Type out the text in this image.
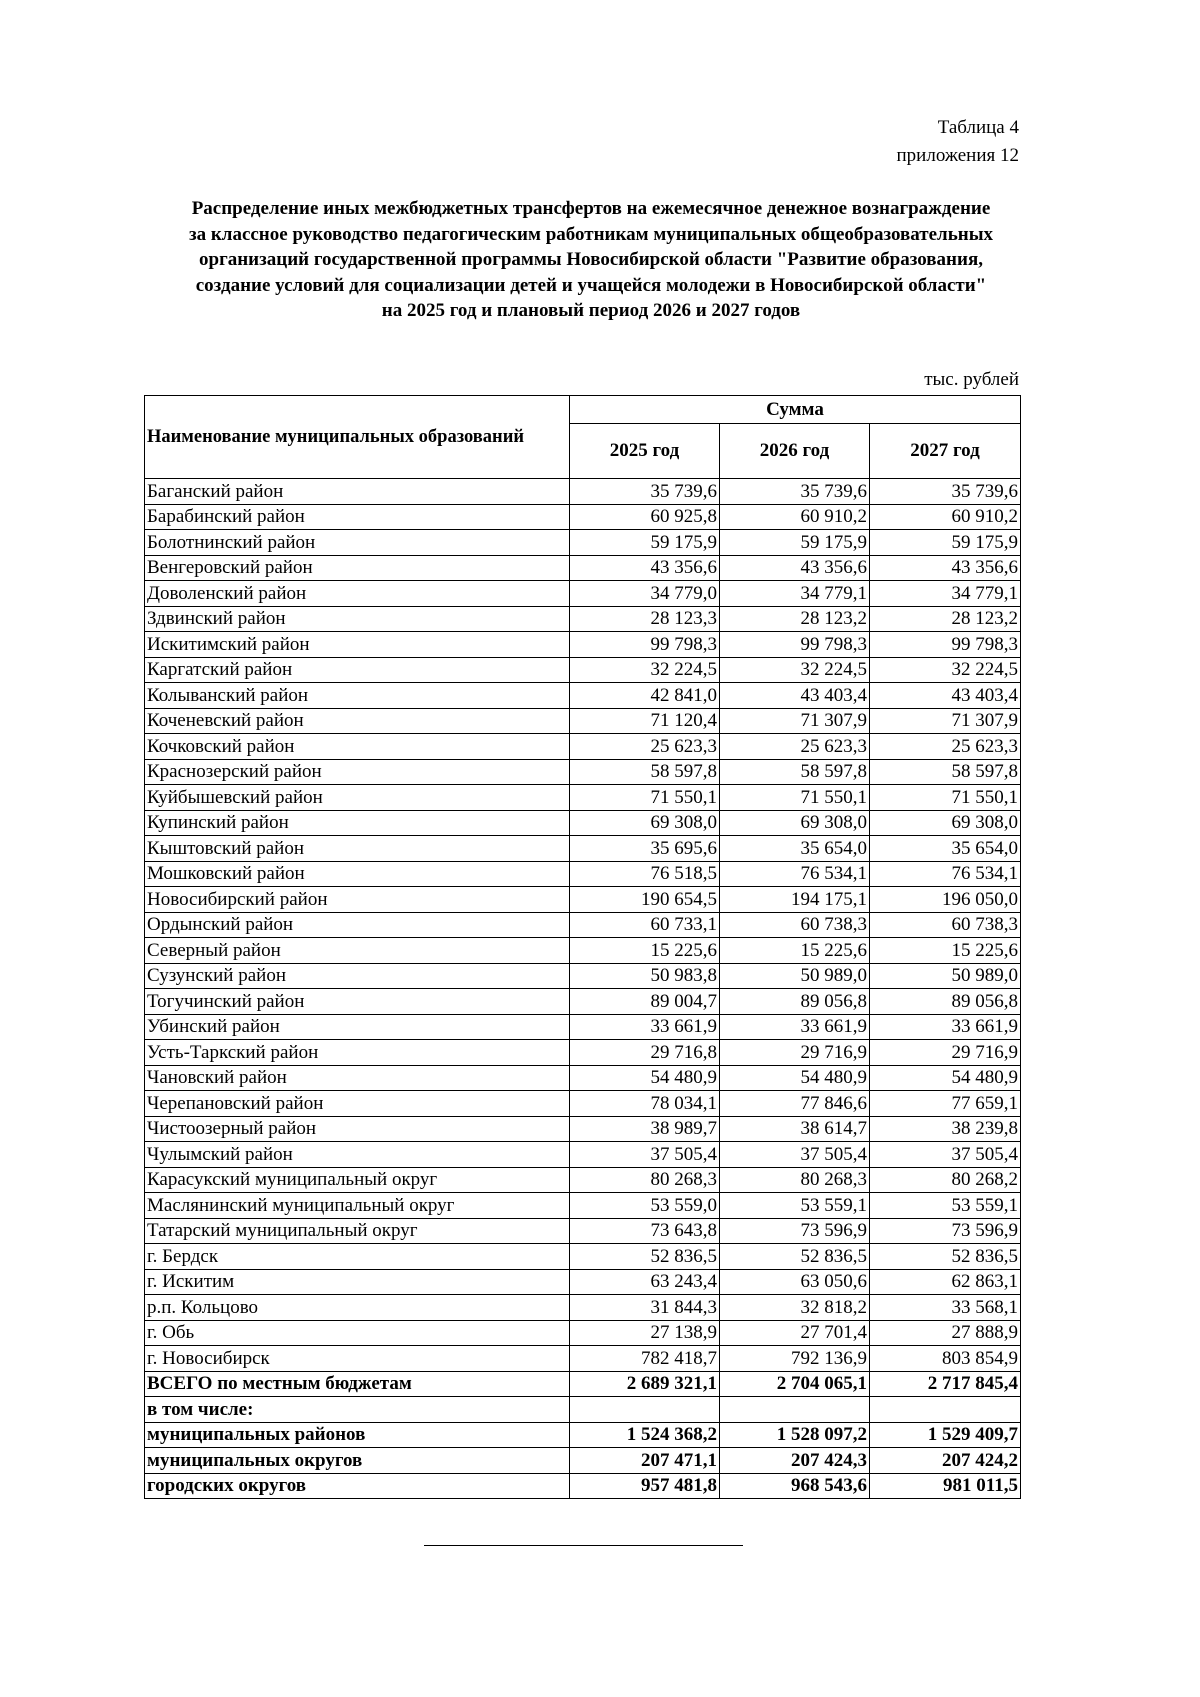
Таблица 4
приложения 12
Распределение иных межбюджетных трансфертов на ежемесячное денежное вознаграждение
за классное руководство педагогическим работникам муниципальных общеобразовательных
организаций государственной программы Новосибирской области "Развитие образования,
создание условий для социализации детей и учащейся молодежи в Новосибирской области"
на 2025 год и плановый период 2026 и 2027 годов
тыс. рублей
Наименование муниципальных образований	Сумма		
	2025 год	2026 год	2027 год
Баганский район	35 739,6	35 739,6	35 739,6
Барабинский район	60 925,8	60 910,2	60 910,2
Болотнинский район	59 175,9	59 175,9	59 175,9
Венгеровский район	43 356,6	43 356,6	43 356,6
Доволенский район	34 779,0	34 779,1	34 779,1
Здвинский район	28 123,3	28 123,2	28 123,2
Искитимский район	99 798,3	99 798,3	99 798,3
Каргатский район	32 224,5	32 224,5	32 224,5
Колыванский район	42 841,0	43 403,4	43 403,4
Коченевский район	71 120,4	71 307,9	71 307,9
Кочковский район	25 623,3	25 623,3	25 623,3
Краснозерский район	58 597,8	58 597,8	58 597,8
Куйбышевский район	71 550,1	71 550,1	71 550,1
Купинский район	69 308,0	69 308,0	69 308,0
Кыштовский район	35 695,6	35 654,0	35 654,0
Мошковский район	76 518,5	76 534,1	76 534,1
Новосибирский район	190 654,5	194 175,1	196 050,0
Ордынский район	60 733,1	60 738,3	60 738,3
Северный район	15 225,6	15 225,6	15 225,6
Сузунский район	50 983,8	50 989,0	50 989,0
Тогучинский район	89 004,7	89 056,8	89 056,8
Убинский район	33 661,9	33 661,9	33 661,9
Усть-Таркский район	29 716,8	29 716,9	29 716,9
Чановский район	54 480,9	54 480,9	54 480,9
Черепановский район	78 034,1	77 846,6	77 659,1
Чистоозерный район	38 989,7	38 614,7	38 239,8
Чулымский район	37 505,4	37 505,4	37 505,4
Карасукский муниципальный округ	80 268,3	80 268,3	80 268,2
Маслянинский муниципальный округ	53 559,0	53 559,1	53 559,1
Татарский муниципальный округ	73 643,8	73 596,9	73 596,9
г. Бердск	52 836,5	52 836,5	52 836,5
г. Искитим	63 243,4	63 050,6	62 863,1
р.п. Кольцово	31 844,3	32 818,2	33 568,1
г. Обь	27 138,9	27 701,4	27 888,9
г. Новосибирск	782 418,7	792 136,9	803 854,9
ВСЕГО по местным бюджетам	2 689 321,1	2 704 065,1	2 717 845,4
в том числе:			
муниципальных районов	1 524 368,2	1 528 097,2	1 529 409,7
муниципальных округов	207 471,1	207 424,3	207 424,2
городских округов	957 481,8	968 543,6	981 011,5
